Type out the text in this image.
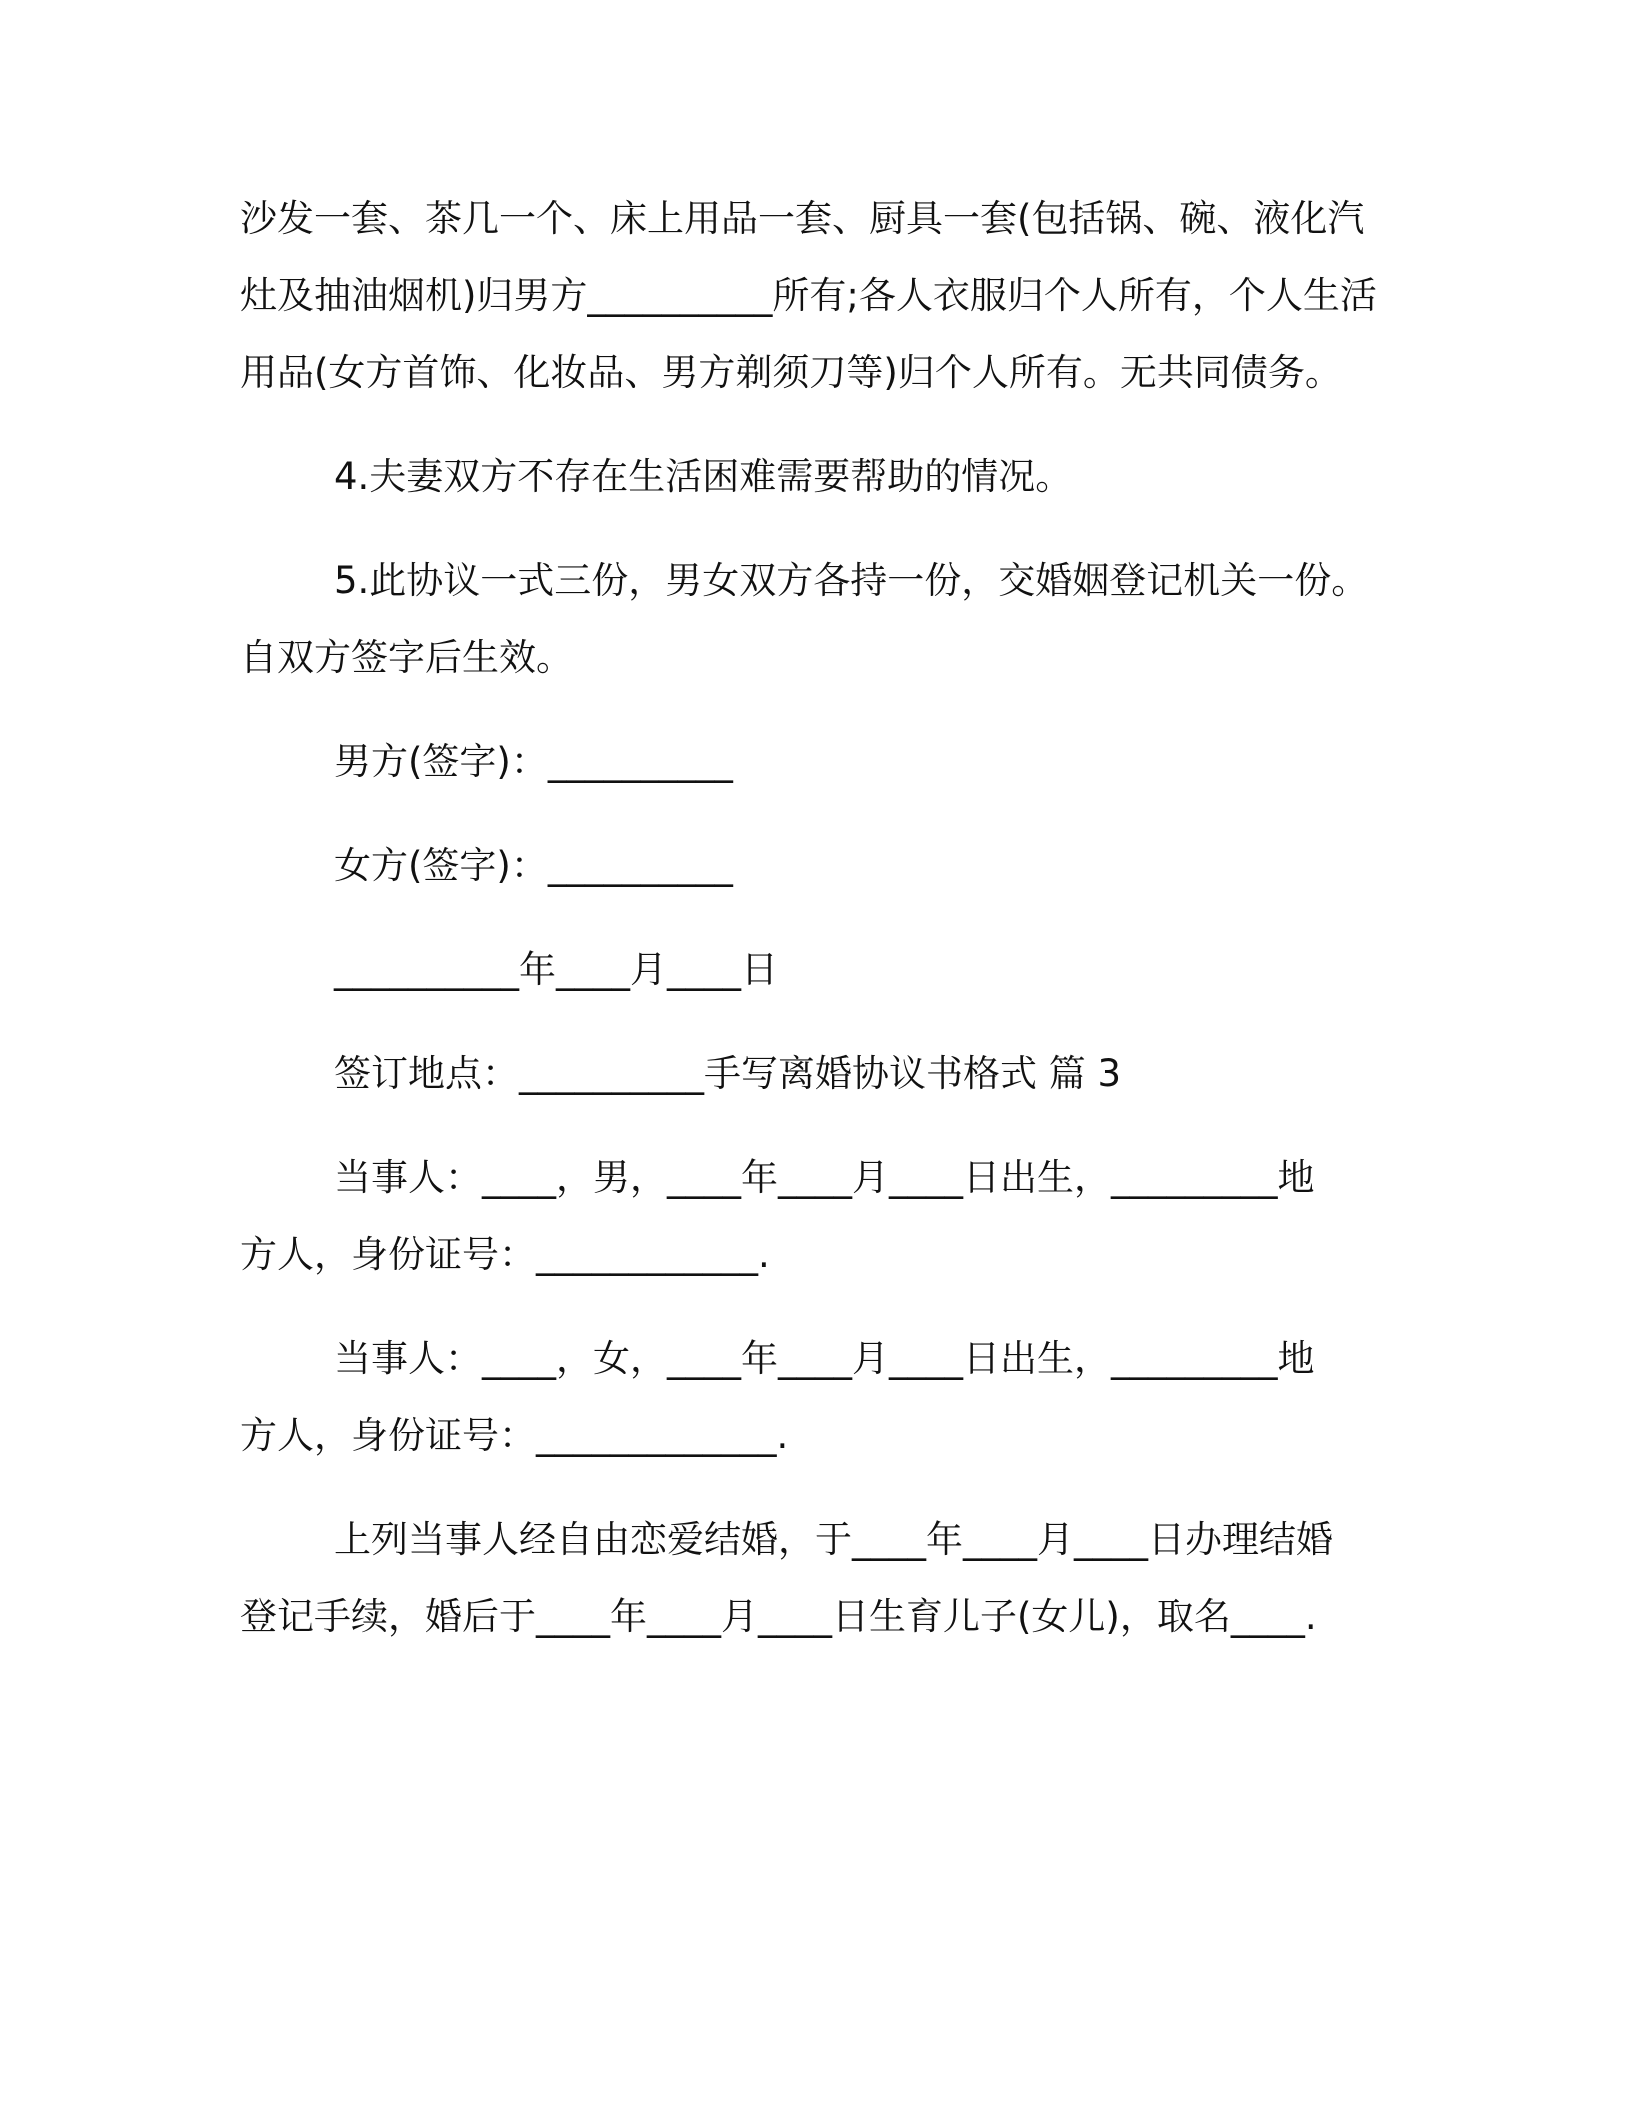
沙发一套、茶几一个、床上用品一套、厨具一套(包括锅、碗、液化汽
灶及抽油烟机)归男方__________所有;各人衣服归个人所有，个人生活
用品(女方首饰、化妆品、男方剃须刀等)归个人所有。无共同债务。

4.夫妻双方不存在生活困难需要帮助的情况。

5.此协议一式三份，男女双方各持一份，交婚姻登记机关一份。
自双方签字后生效。

男方(签字)：__________

女方(签字)：__________

__________年____月____日

签订地点：__________手写离婚协议书格式 篇 3

当事人：____，男，____年____月____日出生，_________地
方人，身份证号：____________.

当事人：____，女，____年____月____日出生，_________地
方人，身份证号：_____________.

上列当事人经自由恋爱结婚，于____年____月____日办理结婚
登记手续，婚后于____年____月____日生育儿子(女儿)，取名____.
